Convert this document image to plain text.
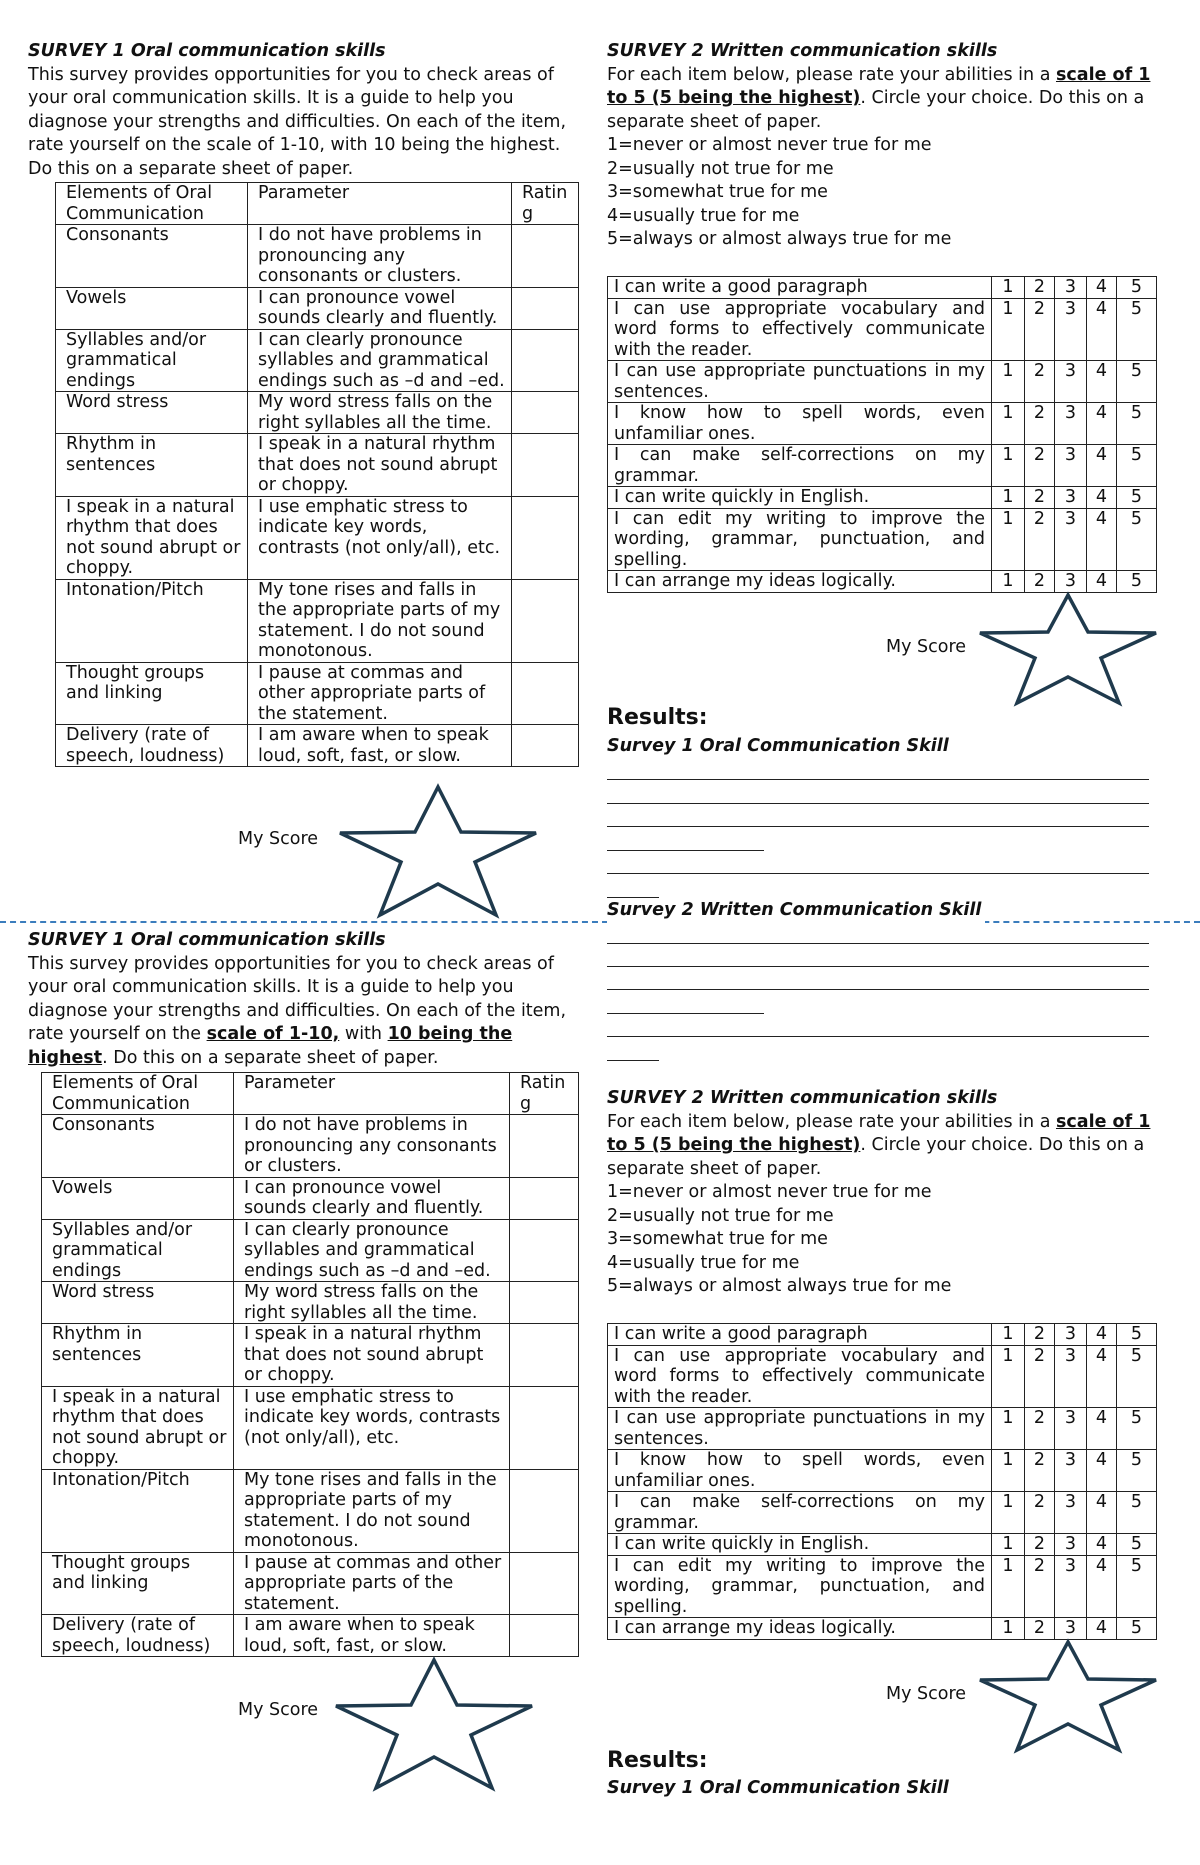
SURVEY 1 Oral communication skills

This survey provides opportunities for you to check areas of your oral communication skills. It is a guide to help you diagnose your strengths and difficulties. On each of the item, rate yourself on the scale of 1-10, with 10 being the highest. Do this on a separate sheet of paper.

Elements of Oral Communication	Parameter	Rating
Consonants	I do not have problems in pronouncing any consonants or clusters.	
Vowels	I can pronounce vowel sounds clearly and fluently.	
Syllables and/or grammatical endings	I can clearly pronounce syllables and grammatical endings such as –d and –ed.	
Word stress	My word stress falls on the right syllables all the time.	
Rhythm in sentences	I speak in a natural rhythm that does not sound abrupt or choppy.	
I speak in a natural rhythm that does not sound abrupt or choppy.	I use emphatic stress to indicate key words, contrasts (not only/all), etc.	
Intonation/Pitch	My tone rises and falls in the appropriate parts of my statement. I do not sound monotonous.	
Thought groups and linking	I pause at commas and other appropriate parts of the statement.	
Delivery (rate of speech, loudness)	I am aware when to speak loud, soft, fast, or slow.	
My Score
SURVEY 2 Written communication skills

For each item below, please rate your abilities in a scale of 1 to 5 (5 being the highest). Circle your choice. Do this on a separate sheet of paper.

1=never or almost never true for me

2=usually not true for me

3=somewhat true for me

4=usually true for me

5=always or almost always true for me

I can write a good paragraph	1	2	3	4	5
I can use appropriate vocabulary and word forms to effectively communicate with the reader.	1	2	3	4	5
I can use appropriate punctuations in my sentences.	1	2	3	4	5
I know how to spell words, even unfamiliar ones.	1	2	3	4	5
I can make self-corrections on my grammar.	1	2	3	4	5
I can write quickly in English.	1	2	3	4	5
I can edit my writing to improve the wording, grammar, punctuation, and spelling.	1	2	3	4	5
I can arrange my ideas logically.	1	2	3	4	5
My Score
Results:
Survey 1 Oral Communication Skill
Survey 2 Written Communication Skill
SURVEY 1 Oral communication skills

This survey provides opportunities for you to check areas of your oral communication skills. It is a guide to help you diagnose your strengths and difficulties. On each of the item, rate yourself on the scale of 1-10, with 10 being the highest. Do this on a separate sheet of paper.

Elements of Oral Communication	Parameter	Rating
Consonants	I do not have problems in pronouncing any consonants or clusters.	
Vowels	I can pronounce vowel sounds clearly and fluently.	
Syllables and/or grammatical endings	I can clearly pronounce syllables and grammatical endings such as –d and –ed.	
Word stress	My word stress falls on the right syllables all the time.	
Rhythm in sentences	I speak in a natural rhythm that does not sound abrupt or choppy.	
I speak in a natural rhythm that does not sound abrupt or choppy.	I use emphatic stress to indicate key words, contrasts (not only/all), etc.	
Intonation/Pitch	My tone rises and falls in the appropriate parts of my statement. I do not sound monotonous.	
Thought groups and linking	I pause at commas and other appropriate parts of the statement.	
Delivery (rate of speech, loudness)	I am aware when to speak loud, soft, fast, or slow.	
My Score
SURVEY 2 Written communication skills

For each item below, please rate your abilities in a scale of 1 to 5 (5 being the highest). Circle your choice. Do this on a separate sheet of paper.

1=never or almost never true for me

2=usually not true for me

3=somewhat true for me

4=usually true for me

5=always or almost always true for me

I can write a good paragraph	1	2	3	4	5
I can use appropriate vocabulary and word forms to effectively communicate with the reader.	1	2	3	4	5
I can use appropriate punctuations in my sentences.	1	2	3	4	5
I know how to spell words, even unfamiliar ones.	1	2	3	4	5
I can make self-corrections on my grammar.	1	2	3	4	5
I can write quickly in English.	1	2	3	4	5
I can edit my writing to improve the wording, grammar, punctuation, and spelling.	1	2	3	4	5
I can arrange my ideas logically.	1	2	3	4	5
My Score
Results:
Survey 1 Oral Communication Skill
